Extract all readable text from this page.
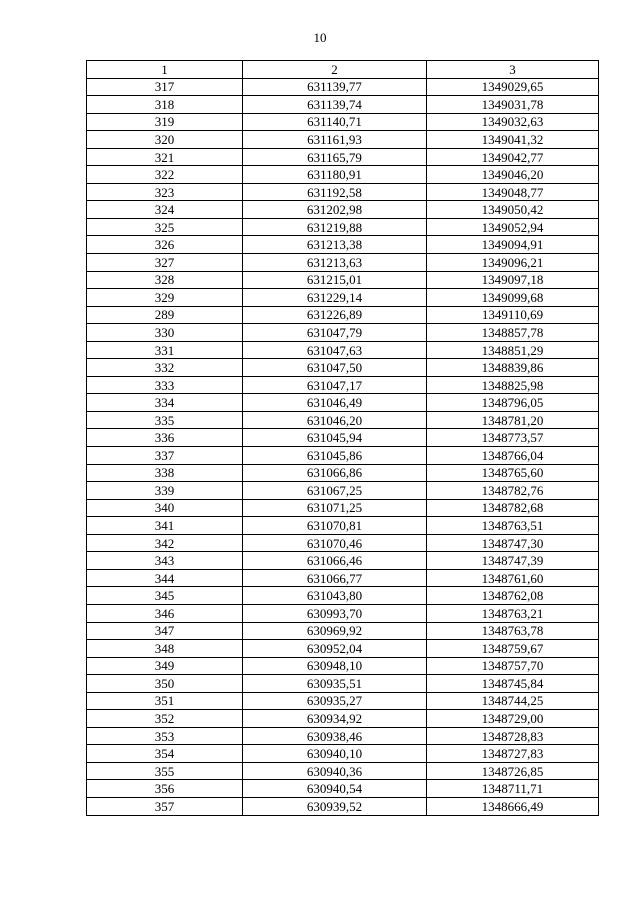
10
1	2	3
317	631139,77	1349029,65
318	631139,74	1349031,78
319	631140,71	1349032,63
320	631161,93	1349041,32
321	631165,79	1349042,77
322	631180,91	1349046,20
323	631192,58	1349048,77
324	631202,98	1349050,42
325	631219,88	1349052,94
326	631213,38	1349094,91
327	631213,63	1349096,21
328	631215,01	1349097,18
329	631229,14	1349099,68
289	631226,89	1349110,69
330	631047,79	1348857,78
331	631047,63	1348851,29
332	631047,50	1348839,86
333	631047,17	1348825,98
334	631046,49	1348796,05
335	631046,20	1348781,20
336	631045,94	1348773,57
337	631045,86	1348766,04
338	631066,86	1348765,60
339	631067,25	1348782,76
340	631071,25	1348782,68
341	631070,81	1348763,51
342	631070,46	1348747,30
343	631066,46	1348747,39
344	631066,77	1348761,60
345	631043,80	1348762,08
346	630993,70	1348763,21
347	630969,92	1348763,78
348	630952,04	1348759,67
349	630948,10	1348757,70
350	630935,51	1348745,84
351	630935,27	1348744,25
352	630934,92	1348729,00
353	630938,46	1348728,83
354	630940,10	1348727,83
355	630940,36	1348726,85
356	630940,54	1348711,71
357	630939,52	1348666,49
